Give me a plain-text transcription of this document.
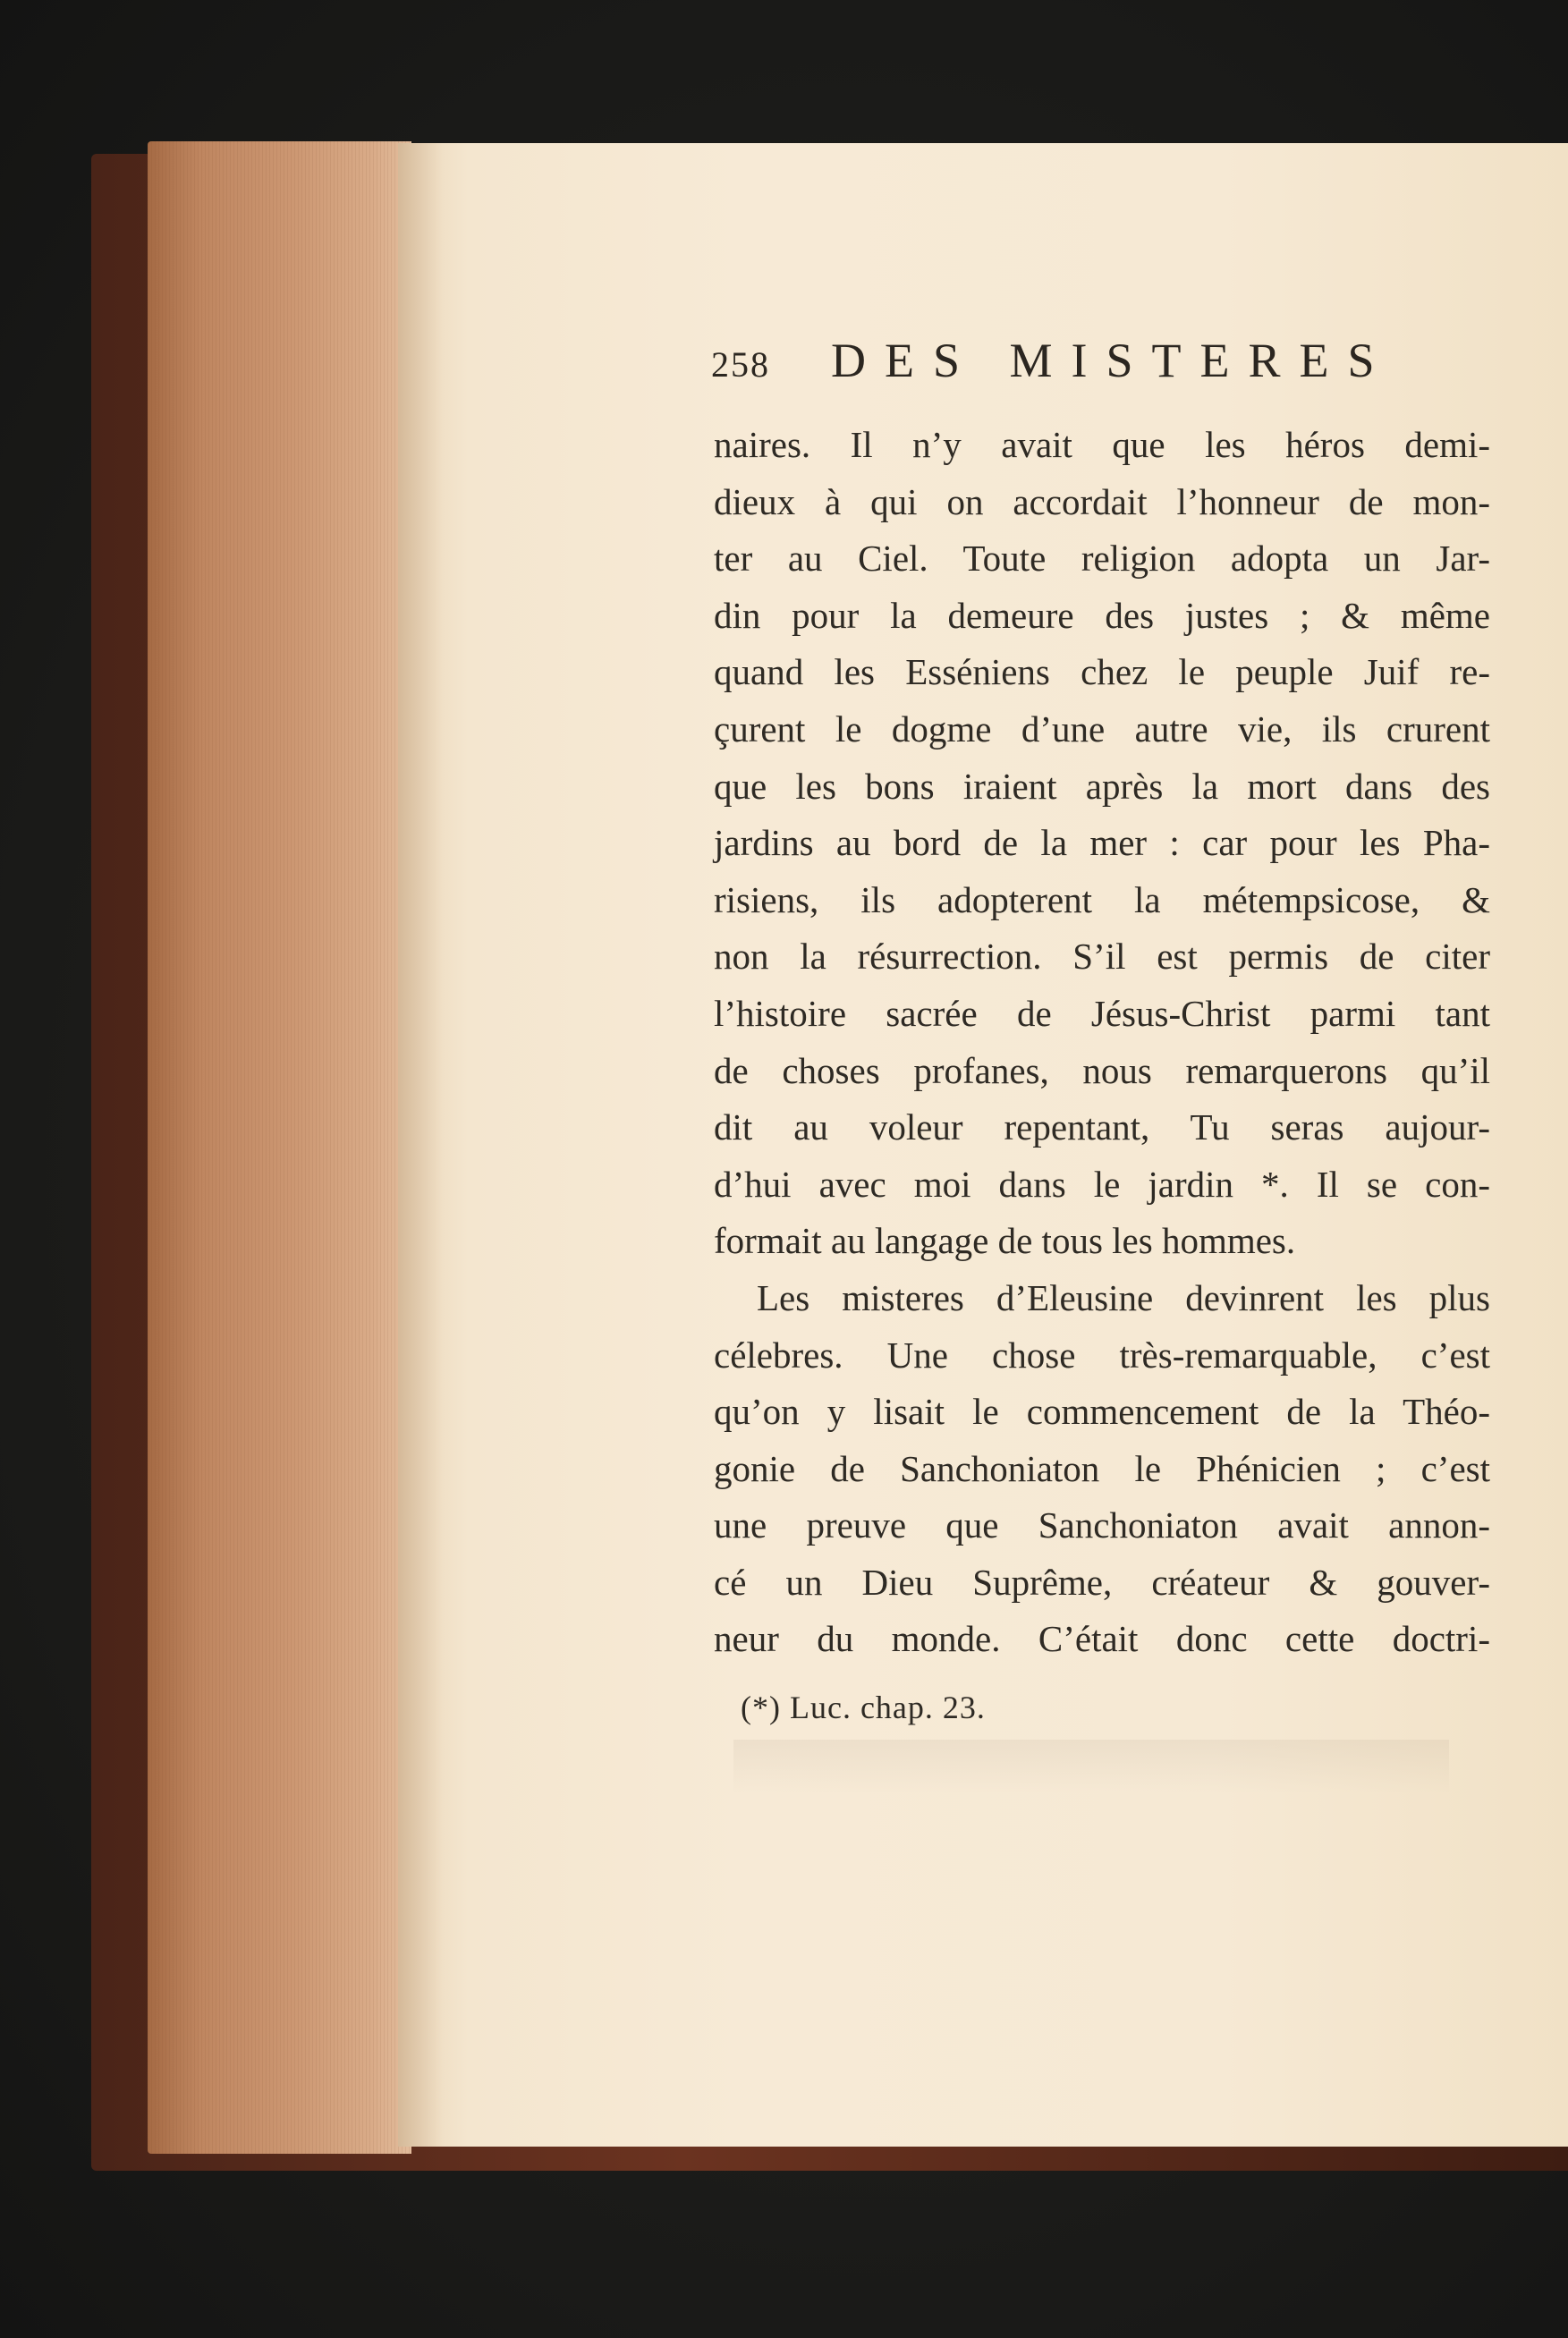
258 DES MISTERES
naires. Il n’y avait que les héros demi-
dieux à qui on accordait l’honneur de mon-
ter au Ciel. Toute religion adopta un Jar-
din pour la demeure des justes ; & même
quand les Esséniens chez le peuple Juif re-
çurent le dogme d’une autre vie, ils crurent
que les bons iraient après la mort dans des
jardins au bord de la mer : car pour les Pha-
risiens, ils adopterent la métempsicose, &
non la résurrection. S’il est permis de citer
l’histoire sacrée de Jésus-Christ parmi tant
de choses profanes, nous remarquerons qu’il
dit au voleur repentant, Tu seras aujour-
d’hui avec moi dans le jardin *. Il se con-
formait au langage de tous les hommes.
Les misteres d’Eleusine devinrent les plus
célebres. Une chose très-remarquable, c’est
qu’on y lisait le commencement de la Théo-
gonie de Sanchoniaton le Phénicien ; c’est
une preuve que Sanchoniaton avait annon-
cé un Dieu Suprême, créateur & gouver-
neur du monde. C’était donc cette doctri-
(*) Luc. chap. 23.
